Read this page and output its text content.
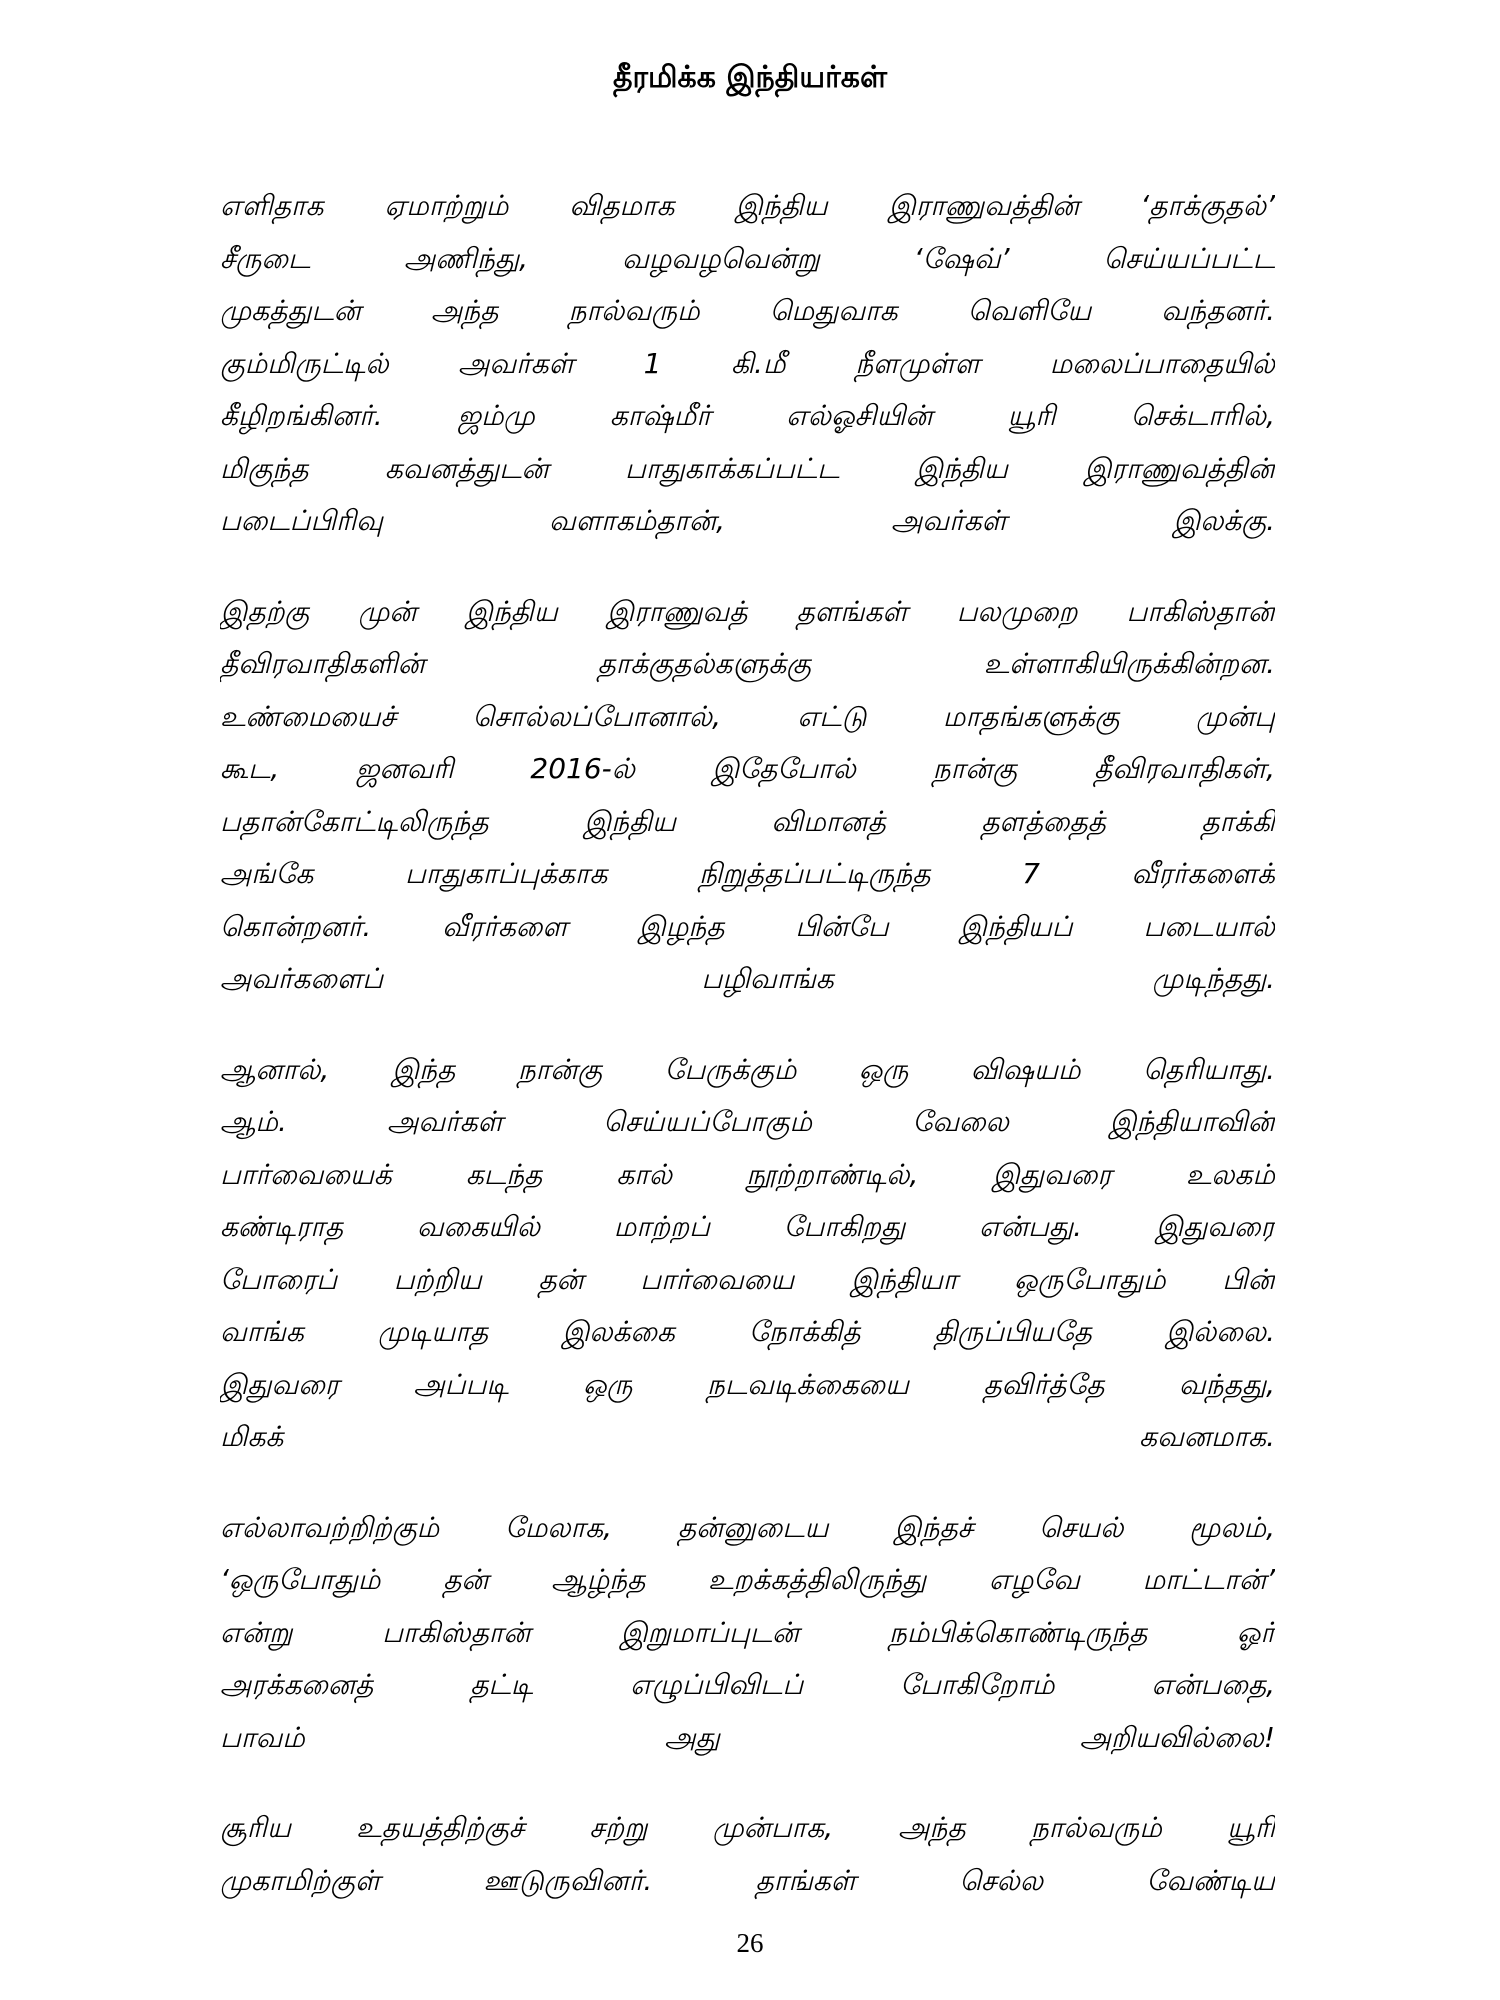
தீரமிக்க இந்தியர்கள்

எளிதாக ஏமாற்றும் விதமாக இந்திய இராணுவத்தின் ‘தாக்குதல்’
சீருடை அணிந்து, வழவழவென்று ‘ஷேவ்’ செய்யப்பட்ட
முகத்துடன் அந்த நால்வரும் மெதுவாக வெளியே வந்தனர்.
கும்மிருட்டில் அவர்கள் 1 கி.மீ நீளமுள்ள மலைப்பாதையில்
கீழிறங்கினர். ஜம்மு காஷ்மீர் எல்ஓசியின் யூரி செக்டாரில்,
மிகுந்த கவனத்துடன் பாதுகாக்கப்பட்ட இந்திய இராணுவத்தின்
படைப்பிரிவு வளாகம்தான், அவர்கள் இலக்கு.

இதற்கு முன் இந்திய இராணுவத் தளங்கள் பலமுறை பாகிஸ்தான்
தீவிரவாதிகளின் தாக்குதல்களுக்கு உள்ளாகியிருக்கின்றன.
உண்மையைச் சொல்லப்போனால், எட்டு மாதங்களுக்கு முன்பு
கூட, ஜனவரி 2016-ல் இதேபோல் நான்கு தீவிரவாதிகள்,
பதான்கோட்டிலிருந்த இந்திய விமானத் தளத்தைத் தாக்கி
அங்கே பாதுகாப்புக்காக நிறுத்தப்பட்டிருந்த 7 வீரர்களைக்
கொன்றனர். வீரர்களை இழந்த பின்பே இந்தியப் படையால்
அவர்களைப் பழிவாங்க முடிந்தது.

ஆனால், இந்த நான்கு பேருக்கும் ஒரு விஷயம் தெரியாது.
ஆம். அவர்கள் செய்யப்போகும் வேலை இந்தியாவின்
பார்வையைக் கடந்த கால் நூற்றாண்டில், இதுவரை உலகம்
கண்டிராத வகையில் மாற்றப் போகிறது என்பது. இதுவரை
போரைப் பற்றிய தன் பார்வையை இந்தியா ஒருபோதும் பின்
வாங்க முடியாத இலக்கை நோக்கித் திருப்பியதே இல்லை.
இதுவரை அப்படி ஒரு நடவடிக்கையை தவிர்த்தே வந்தது,
மிகக் கவனமாக.

எல்லாவற்றிற்கும் மேலாக, தன்னுடைய இந்தச் செயல் மூலம்,
‘ஒருபோதும் தன் ஆழ்ந்த உறக்கத்திலிருந்து எழவே மாட்டான்’
என்று பாகிஸ்தான் இறுமாப்புடன் நம்பிக்கொண்டிருந்த ஓர்
அரக்கனைத் தட்டி எழுப்பிவிடப் போகிறோம் என்பதை,
பாவம் அது அறியவில்லை!

சூரிய உதயத்திற்குச் சற்று முன்பாக, அந்த நால்வரும் யூரி
முகாமிற்குள் ஊடுருவினர். தாங்கள் செல்ல வேண்டிய

26
